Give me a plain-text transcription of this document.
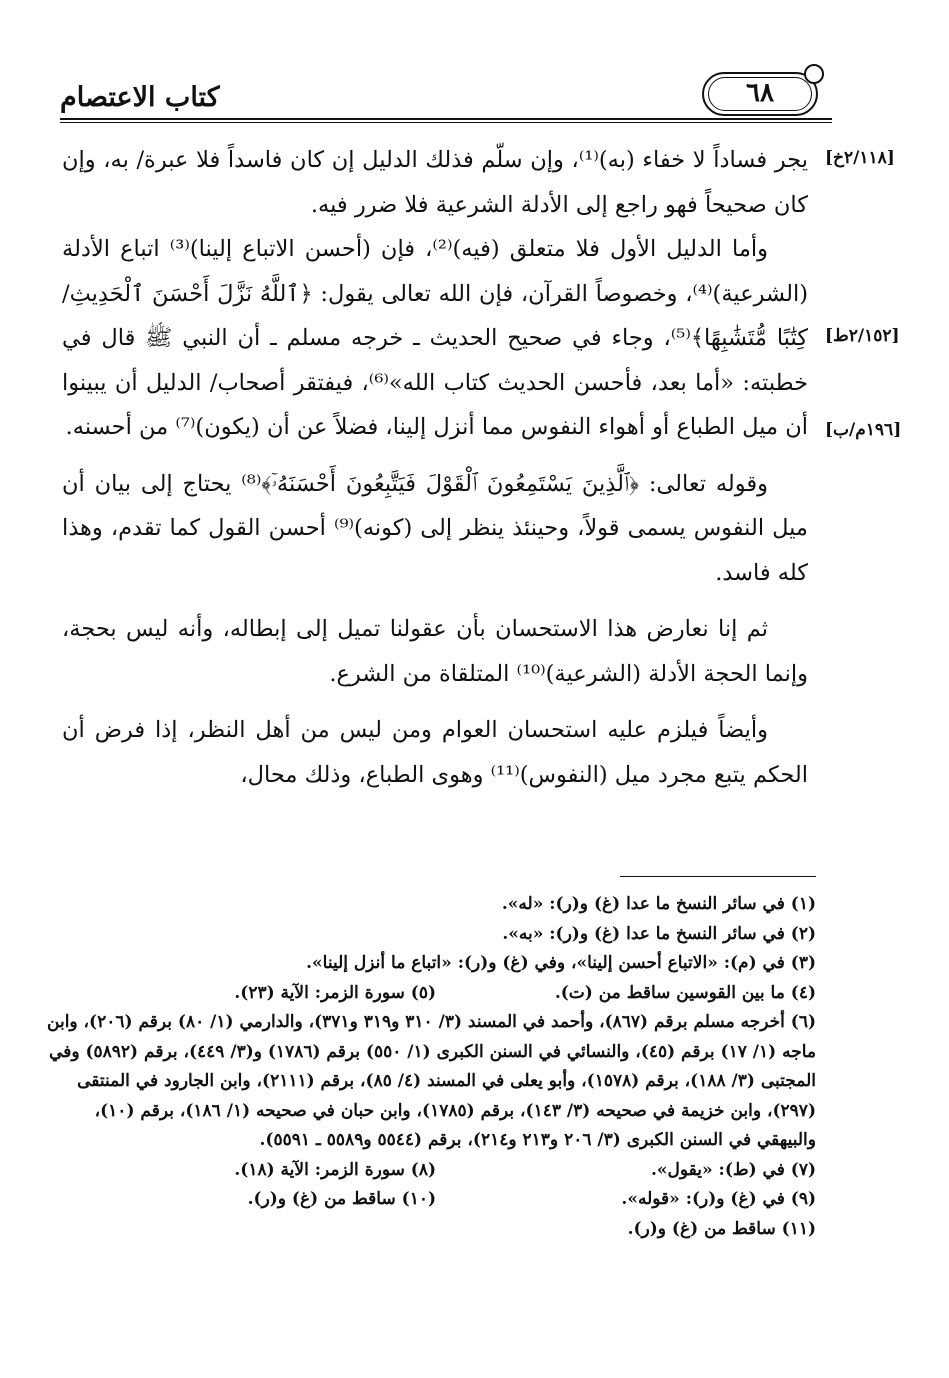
كتاب الاعتصام	٦٨
[٢/١١٨خ]
[٢/١٥٢ط]
[١٩٦م/ب]

يجر فساداً لا خفاء (به)⁽¹⁾، وإن سلّم فذلك الدليل إن كان فاسداً فلا عبرة/ به، وإن كان صحيحاً فهو راجع إلى الأدلة الشرعية فلا ضرر فيه.

وأما الدليل الأول فلا متعلق (فيه)⁽²⁾، فإن (أحسن الاتباع إلينا)⁽³⁾ اتباع الأدلة (الشرعية)⁽⁴⁾، وخصوصاً القرآن، فإن الله تعالى يقول: ﴿ٱللَّهُ نَزَّلَ أَحْسَنَ ٱلْحَدِيثِ/ كِتَٰبًا مُّتَشَٰبِهًا﴾⁽⁵⁾، وجاء في صحيح الحديث ـ خرجه مسلم ـ أن النبي ﷺ قال في خطبته: «أما بعد، فأحسن الحديث كتاب الله»⁽⁶⁾، فيفتقر أصحاب/ الدليل أن يبينوا أن ميل الطباع أو أهواء النفوس مما أنزل إلينا، فضلاً عن أن (يكون)⁽⁷⁾ من أحسنه.

وقوله تعالى: ﴿ٱلَّذِينَ يَسْتَمِعُونَ ٱلْقَوْلَ فَيَتَّبِعُونَ أَحْسَنَهُۥٓ﴾⁽⁸⁾ يحتاج إلى بيان أن ميل النفوس يسمى قولاً، وحينئذ ينظر إلى (كونه)⁽⁹⁾ أحسن القول كما تقدم، وهذا كله فاسد.

ثم إنا نعارض هذا الاستحسان بأن عقولنا تميل إلى إبطاله، وأنه ليس بحجة، وإنما الحجة الأدلة (الشرعية)⁽¹⁰⁾ المتلقاة من الشرع.

وأيضاً فيلزم عليه استحسان العوام ومن ليس من أهل النظر، إذا فرض أن الحكم يتبع مجرد ميل (النفوس)⁽¹¹⁾ وهوى الطباع، وذلك محال،

(١) في سائر النسخ ما عدا (غ) و(ر): «له».

(٢) في سائر النسخ ما عدا (غ) و(ر): «به».

(٣) في (م): «الاتباع أحسن إلينا»، وفي (غ) و(ر): «اتباع ما أنزل إلينا».

(٤) ما بين القوسين ساقط من (ت).
(٥) سورة الزمر: الآية (٢٣).

(٦) أخرجه مسلم برقم (٨٦٧)، وأحمد في المسند (٣/ ٣١٠ و٣١٩ و٣٧١)، والدارمي (١/ ٨٠) برقم (٢٠٦)، وابن ماجه (١/ ١٧) برقم (٤٥)، والنسائي في السنن الكبرى (١/ ٥٥٠) برقم (١٧٨٦) و(٣/ ٤٤٩)، برقم (٥٨٩٢) وفي المجتبى (٣/ ١٨٨)، برقم (١٥٧٨)، وأبو يعلى في المسند (٤/ ٨٥)، برقم (٢١١١)، وابن الجارود في المنتقى (٢٩٧)، وابن خزيمة في صحيحه (٣/ ١٤٣)، برقم (١٧٨٥)، وابن حبان في صحيحه (١/ ١٨٦)، برقم (١٠)، والبيهقي في السنن الكبرى (٣/ ٢٠٦ و٢١٣ و٢١٤)، برقم (٥٥٤٤ و٥٥٨٩ ـ ٥٥٩١).

(٧) في (ط): «يقول».
(٨) سورة الزمر: الآية (١٨).
(٩) في (غ) و(ر): «قوله».
(١٠) ساقط من (غ) و(ر).

(١١) ساقط من (غ) و(ر).
